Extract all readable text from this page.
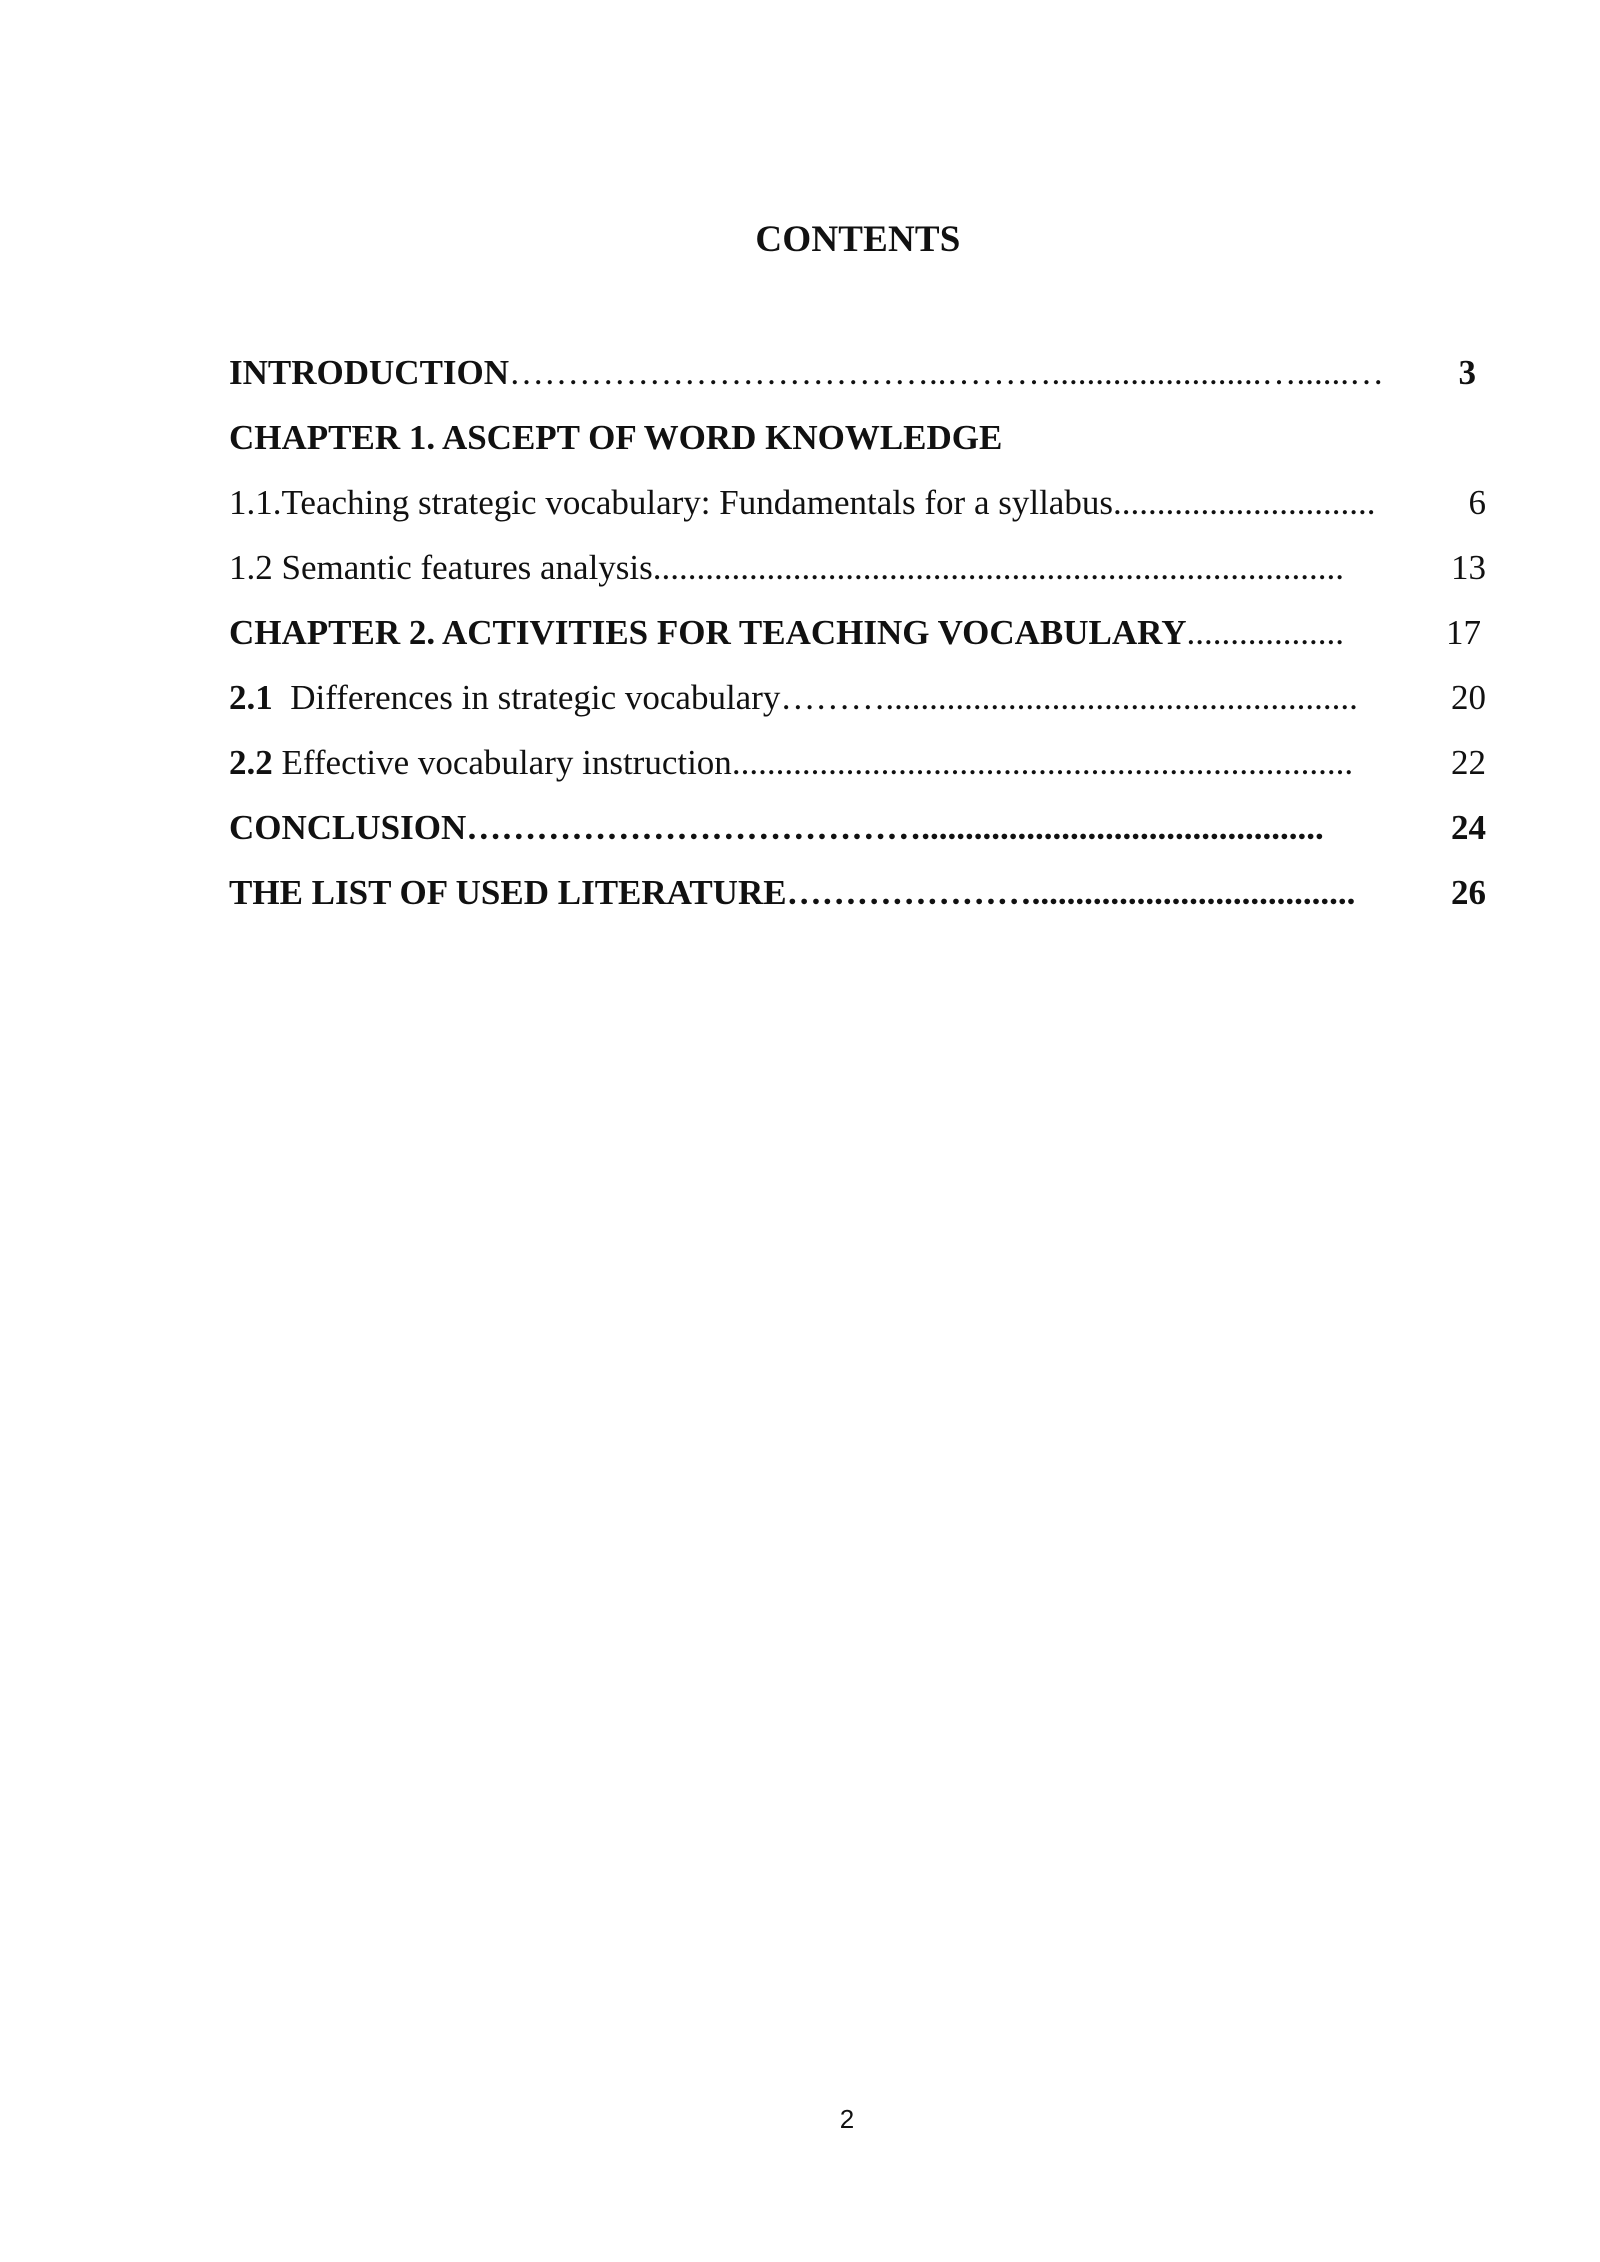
CONTENTS
INTRODUCTION………………………………..………........................…......… 3
CHAPTER 1. ASCEPT OF WORD KNOWLEDGE
1.1.Teaching strategic vocabulary: Fundamentals for a syllabus..............................	6
1.2 Semantic features analysis...............................................................................	13
CHAPTER 2. ACTIVITIES FOR TEACHING VOCABULARY..................	17
2.1 Differences in strategic vocabulary………......................................................	20
2.2 Effective vocabulary instruction.......................................................................	22
CONCLUSION…………………………………..............................................	24
THE LIST OF USED LITERATURE………………….....................................	26
2
